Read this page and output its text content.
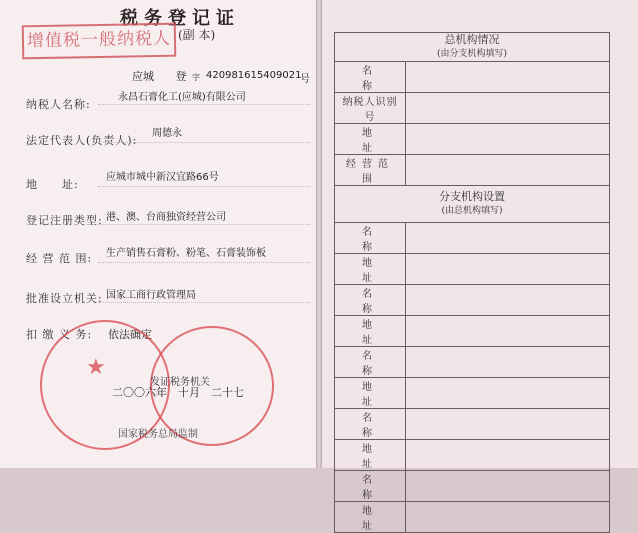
税务登记证
(副 本)
增值税一般纳税人
应城 登 字 420981615409021
号
纳税人名称:
永昌石膏化工(应城)有限公司
法定代表人(负责人):
周德永
地　　址:
应城市城中新汉宜路66号
登记注册类型: 港、澳、台商独资经营公司
经 营 范 围: 生产销售石膏粉、粉笔、石膏装饰板
批准设立机关: 国家工商行政管理局
扣 缴 义 务: 依法确定
★
发证税务机关
二〇〇六年　十月　二十七
国家税务总局监制
总机构情况
(由分支机构填写)	

名　　称	
纳税人识别号	
地　　址	
经营范围	

分支机构设置
(由总机构填写)	

名　　称	
地　　址	
名　　称	
地　　址	
名　　称	
地　　址	
名　　称	
地　　址	
名　　称	
地　　址	
